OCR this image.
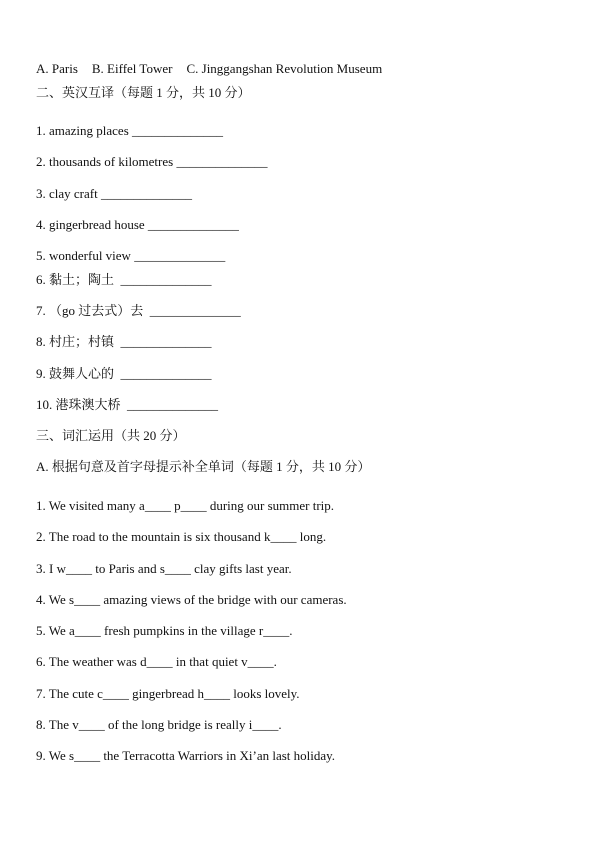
A. Paris B. Eiffel Tower C. Jinggangshan Revolution Museum
二、英汉互译（每题 1 分，共 10 分）
1. amazing places ______________
2. thousands of kilometres ______________
3. clay craft ______________
4. gingerbread house ______________
5. wonderful view ______________
6. 黏土；陶土 ______________
7. （go 过去式）去 ______________
8. 村庄；村镇 ______________
9. 鼓舞人心的 ______________
10. 港珠澳大桥 ______________
三、词汇运用（共 20 分）
A. 根据句意及首字母提示补全单词（每题 1 分，共 10 分）
1. We visited many a____ p____ during our summer trip.
2. The road to the mountain is six thousand k____ long.
3. I w____ to Paris and s____ clay gifts last year.
4. We s____ amazing views of the bridge with our cameras.
5. We a____ fresh pumpkins in the village r____.
6. The weather was d____ in that quiet v____.
7. The cute c____ gingerbread h____ looks lovely.
8. The v____ of the long bridge is really i____.
9. We s____ the Terracotta Warriors in Xi’an last holiday.
